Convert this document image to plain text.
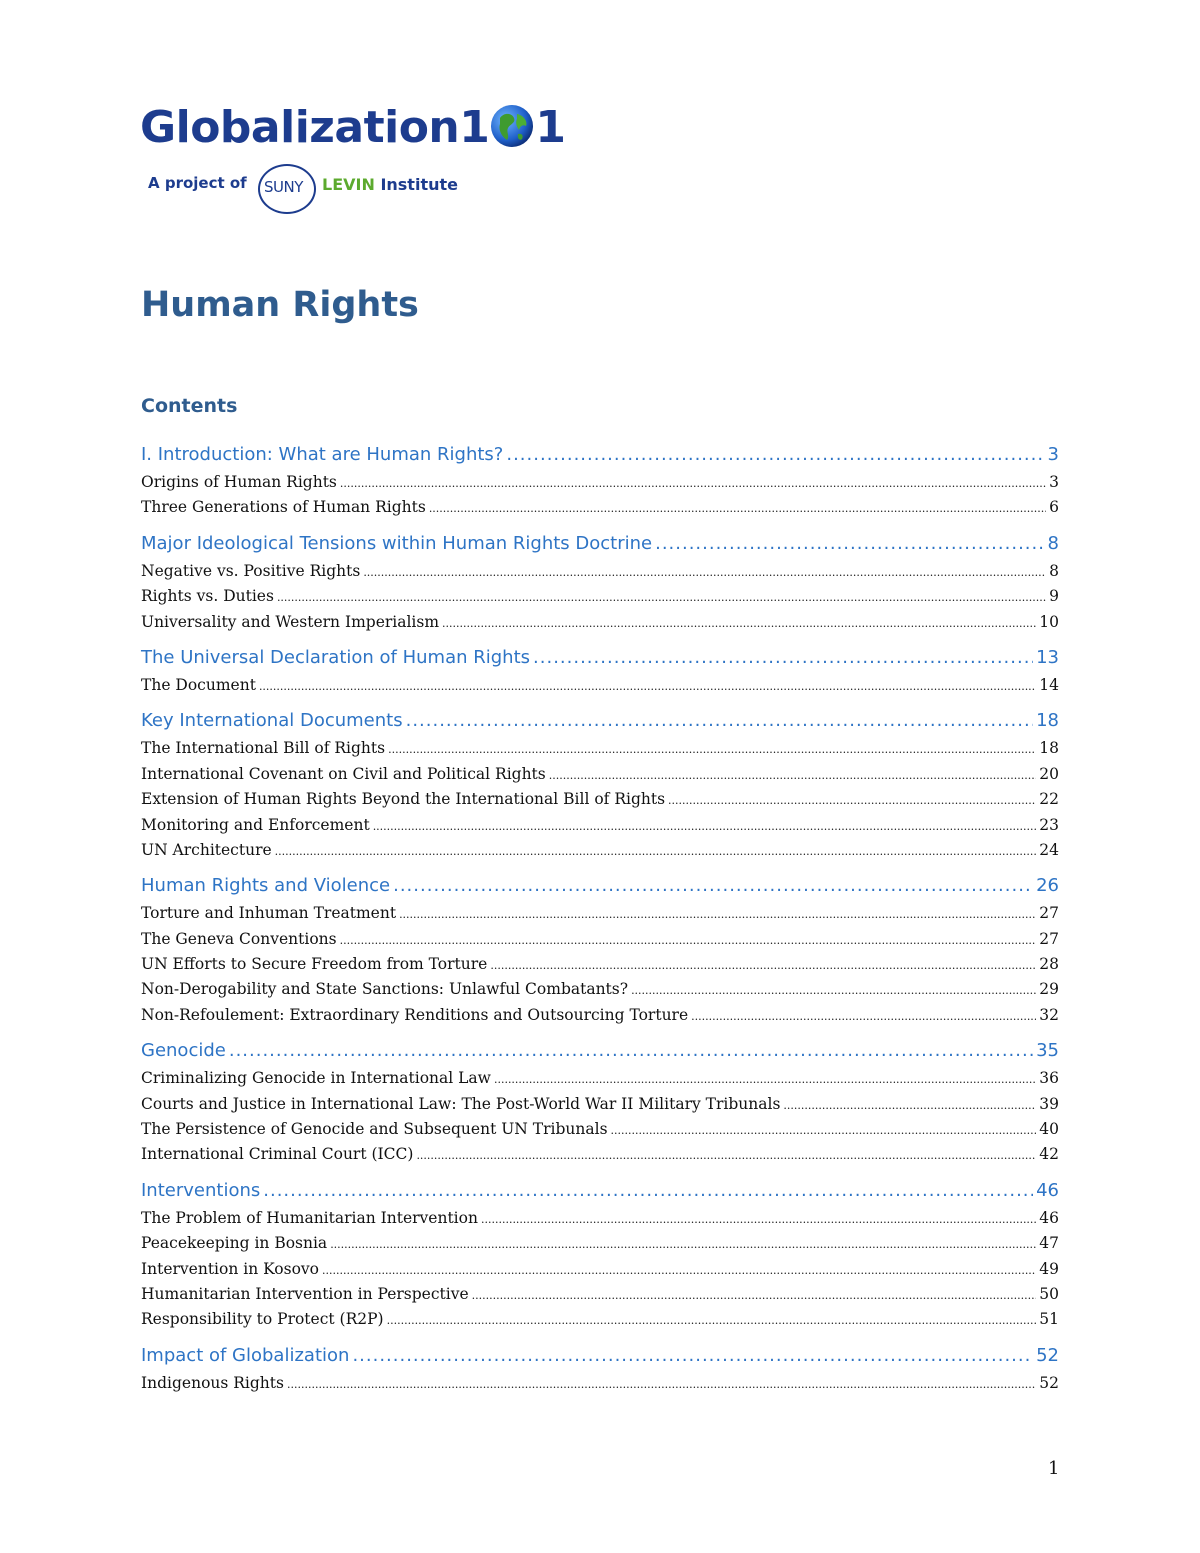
Globalization1 1
A project of SUNY LEVIN Institute
Human Rights
Contents
I. Introduction: What are Human Rights? .....	3
Origins of Human Rights .....	3
Three Generations of Human Rights .....	6
Major Ideological Tensions within Human Rights Doctrine .....	8
Negative vs. Positive Rights .....	8
Rights vs. Duties .....	9
Universality and Western Imperialism .....	10
The Universal Declaration of Human Rights .....	13
The Document .....	14
Key International Documents .....	18
The International Bill of Rights .....	18
International Covenant on Civil and Political Rights .....	20
Extension of Human Rights Beyond the International Bill of Rights .....	22
Monitoring and Enforcement .....	23
UN Architecture .....	24
Human Rights and Violence .....	26
Torture and Inhuman Treatment .....	27
The Geneva Conventions .....	27
UN Efforts to Secure Freedom from Torture .....	28
Non-Derogability and State Sanctions: Unlawful Combatants? .....	29
Non-Refoulement: Extraordinary Renditions and Outsourcing Torture .....	32
Genocide .....	35
Criminalizing Genocide in International Law .....	36
Courts and Justice in International Law: The Post-World War II Military Tribunals .....	39
The Persistence of Genocide and Subsequent UN Tribunals .....	40
International Criminal Court (ICC) .....	42
Interventions .....	46
The Problem of Humanitarian Intervention .....	46
Peacekeeping in Bosnia .....	47
Intervention in Kosovo .....	49
Humanitarian Intervention in Perspective .....	50
Responsibility to Protect (R2P) .....	51
Impact of Globalization .....	52
Indigenous Rights .....	52
1
